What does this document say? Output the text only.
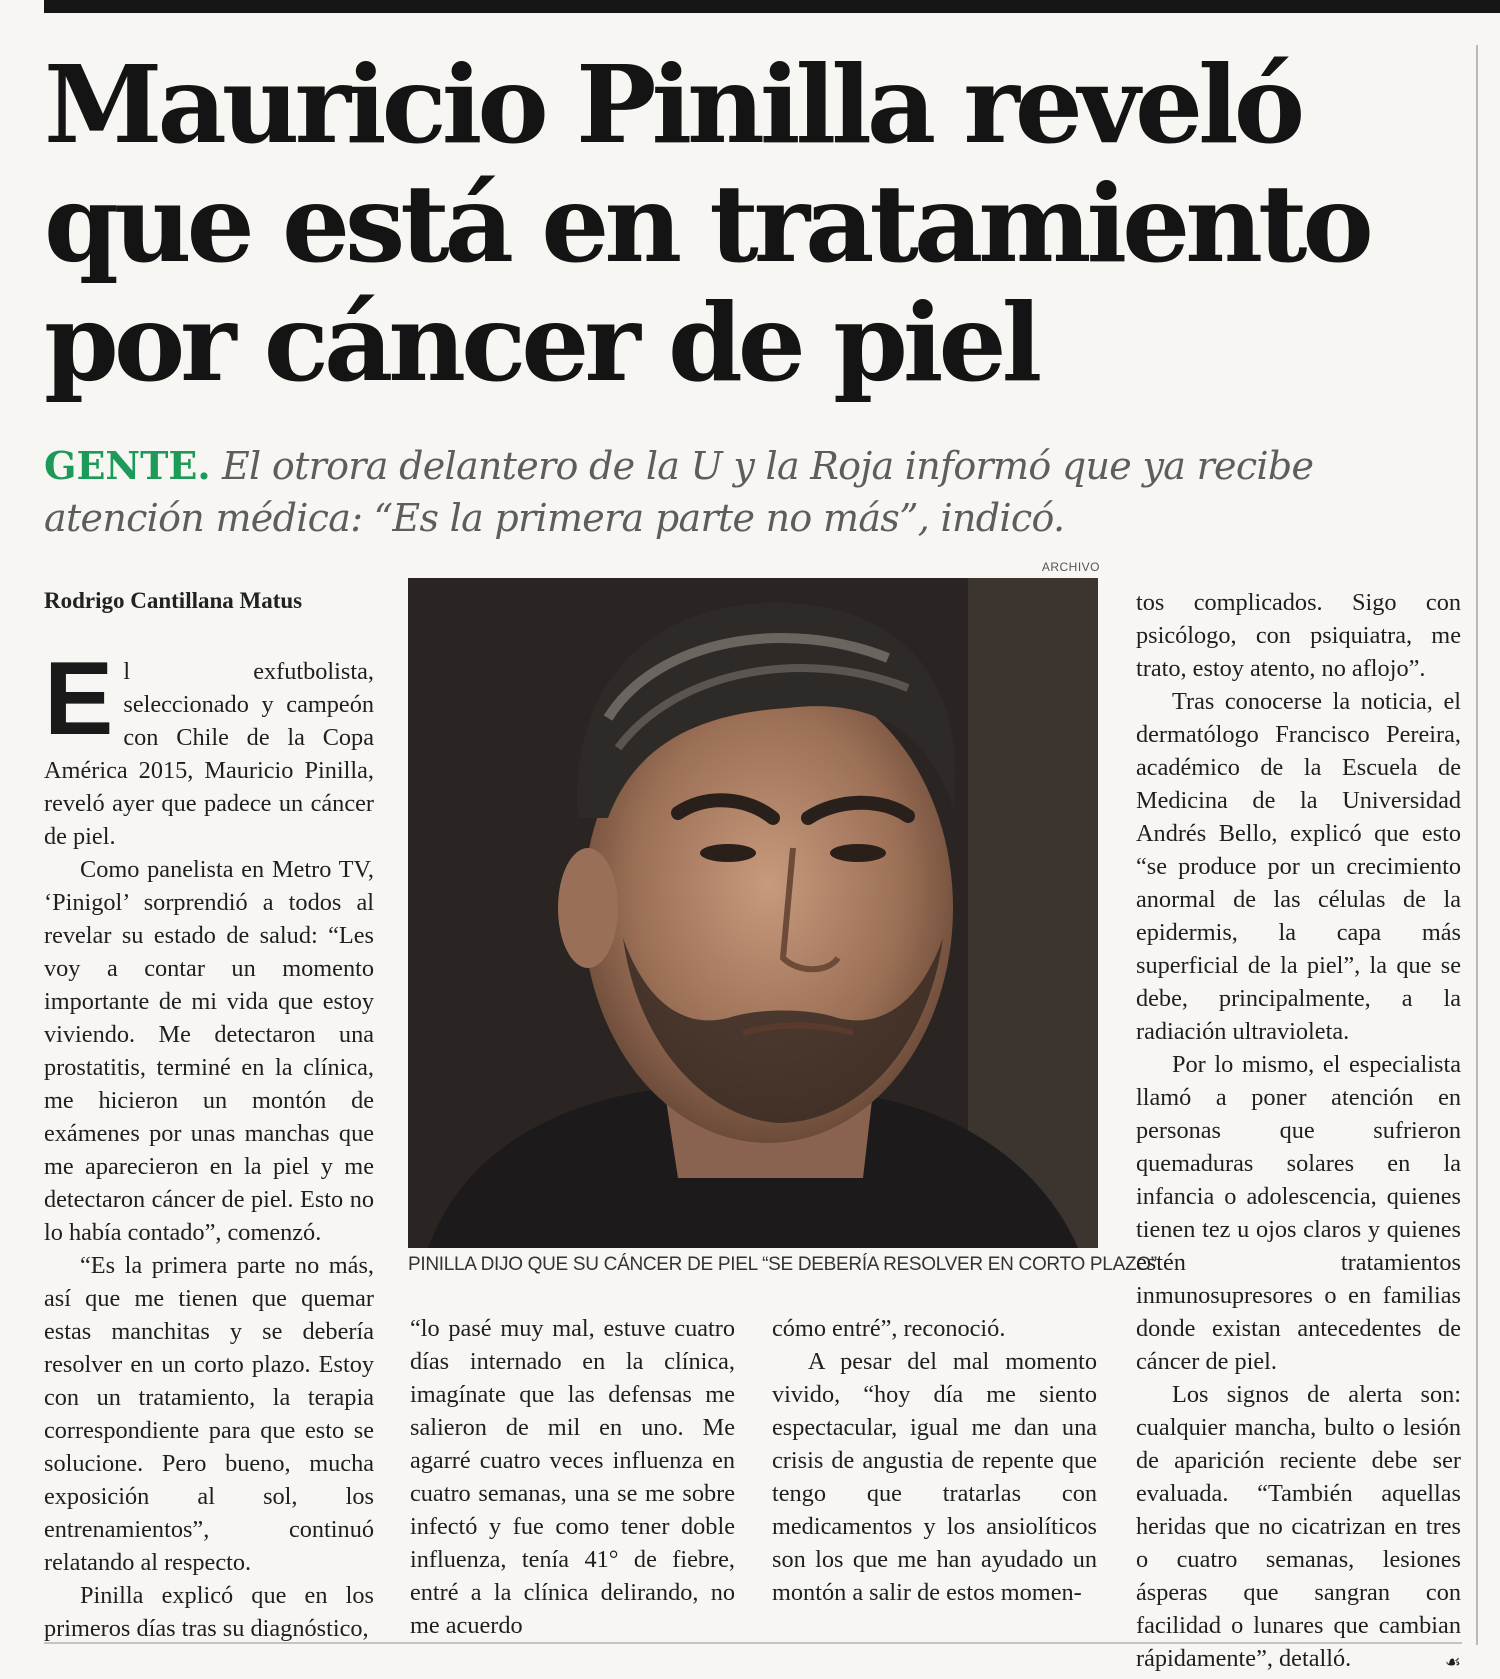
Mauricio Pinilla reveló
que está en tratamiento
por cáncer de piel
GENTE. El otrora delantero de la U y la Roja informó que ya recibe atención médica: “Es la primera parte no más”, indicó.
Rodrigo Cantillana Matus

El exfutbolista, seleccionado y campeón con Chile de la Copa América 2015, Mauricio Pinilla, reveló ayer que padece un cáncer de piel.

Como panelista en Metro TV, ‘Pinigol’ sorprendió a todos al revelar su estado de salud: “Les voy a contar un momento importante de mi vida que estoy viviendo. Me detectaron una prostatitis, terminé en la clínica, me hicieron un montón de exámenes por unas manchas que me aparecieron en la piel y me detectaron cáncer de piel. Esto no lo había contado”, comenzó.

“Es la primera parte no más, así que me tienen que quemar estas manchitas y se debería resolver en un corto plazo. Estoy con un tratamiento, la terapia correspondiente para que esto se solucione. Pero bueno, mucha exposición al sol, los entrenamientos”, continuó relatando al respecto.

Pinilla explicó que en los primeros días tras su diagnóstico,

ARCHIVO
PINILLA DIJO QUE SU CÁNCER DE PIEL “SE DEBERÍA RESOLVER EN CORTO PLAZO”.

“lo pasé muy mal, estuve cuatro días internado en la clínica, imagínate que las defensas me salieron de mil en uno. Me agarré cuatro veces influenza en cuatro semanas, una se me sobre infectó y fue como tener doble influenza, tenía 41° de fiebre, entré a la clínica delirando, no me acuerdo

cómo entré”, reconoció.

A pesar del mal momento vivido, “hoy día me siento espectacular, igual me dan una crisis de angustia de repente que tengo que tratarlas con medicamentos y los ansiolíticos son los que me han ayudado un montón a salir de estos momen-

tos complicados. Sigo con psicólogo, con psiquiatra, me trato, estoy atento, no aflojo”.

Tras conocerse la noticia, el dermatólogo Francisco Pereira, académico de la Escuela de Medicina de la Universidad Andrés Bello, explicó que esto “se produce por un crecimiento anormal de las células de la epidermis, la capa más superficial de la piel”, la que se debe, principalmente, a la radiación ultravioleta.

Por lo mismo, el especialista llamó a poner atención en personas que sufrieron quemaduras solares en la infancia o adolescencia, quienes tienen tez u ojos claros y quienes estén tratamientos inmunosupresores o en familias donde existan antecedentes de cáncer de piel.

Los signos de alerta son: cualquier mancha, bulto o lesión de aparición reciente debe ser evaluada. “También aquellas heridas que no cicatrizan en tres o cuatro semanas, lesiones ásperas que sangran con facilidad o lunares que cambian rápidamente”, detalló.	☙
